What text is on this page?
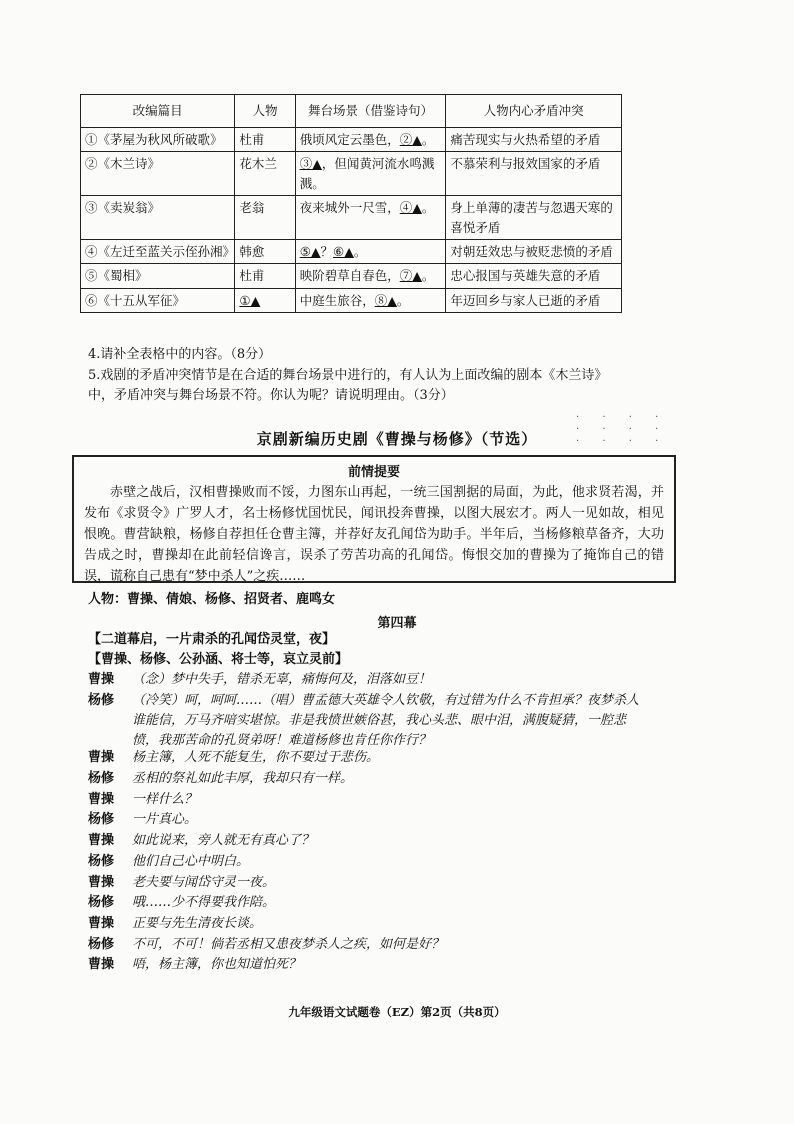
改编篇目	人物	舞台场景（借鉴诗句）	人物内心矛盾冲突
①《茅屋为秋风所破歌》	杜甫	俄顷风定云墨色，②▲。	痛苦现实与火热希望的矛盾
②《木兰诗》	花木兰	③▲，但闻黄河流水鸣溅溅。	不慕荣利与报效国家的矛盾
③《卖炭翁》	老翁	夜来城外一尺雪，④▲。	身上单薄的凄苦与忽遇天寒的喜悦矛盾
④《左迁至蓝关示侄孙湘》	韩愈	⑤▲？⑥▲。	对朝廷效忠与被贬悲愤的矛盾
⑤《蜀相》	杜甫	映阶碧草自春色，⑦▲。	忠心报国与英雄失意的矛盾
⑥《十五从军征》	①▲	中庭生旅谷，⑧▲。	年迈回乡与家人已逝的矛盾
4.请补全表格中的内容。（8分）
5.戏剧的矛盾冲突情节是在合适的舞台场景中进行的，有人认为上面改编的剧本《木兰诗》
中，矛盾冲突与舞台场景不符。你认为呢？请说明理由。（3分）
· · · ·
· · · ·
· · · ·
京剧新编历史剧《曹操与杨修》（节选）
前情提要
赤壁之战后，汉相曹操败而不馁，力图东山再起，一统三国割据的局面，为此，他求贤若渴，并发布《求贤令》广罗人才，名士杨修忧国忧民，闻讯投奔曹操，以图大展宏才。两人一见如故，相见恨晚。曹营缺粮，杨修自荐担任仓曹主簿，并荐好友孔闻岱为助手。半年后，当杨修粮草备齐，大功告成之时，曹操却在此前轻信谗言，误杀了劳苦功高的孔闻岱。悔恨交加的曹操为了掩饰自己的错误，谎称自己患有“梦中杀人”之疾……
人物：曹操、倩娘、杨修、招贤者、鹿鸣女
第四幕
【二道幕启，一片肃杀的孔闻岱灵堂，夜】
【曹操、杨修、公孙涵、将士等，哀立灵前】
曹操	（念）梦中失手，错杀无辜，痛悔何及，泪落如豆！
杨修	（冷笑）呵，呵呵……（唱）曹孟德大英雄令人钦敬，有过错为什么不肯担承？夜梦杀人谁能信，万马齐喑实堪惊。非是我愤世嫉俗甚，我心头悲、眼中泪，满腹疑猜，一腔悲愤，我那苦命的孔贤弟呀！难道杨修也肯任你作行？
曹操	杨主簿，人死不能复生，你不要过于悲伤。
杨修	丞相的祭礼如此丰厚，我却只有一样。
曹操	一样什么？
杨修	一片真心。
曹操	如此说来，旁人就无有真心了？
杨修	他们自己心中明白。
曹操	老夫要与闻岱守灵一夜。
杨修	哦……少不得要我作陪。
曹操	正要与先生清夜长谈。
杨修	不可，不可！倘若丞相又患夜梦杀人之疾，如何是好？
曹操	唔，杨主簿，你也知道怕死？
九年级语文试题卷（EZ）第2页（共8页）
